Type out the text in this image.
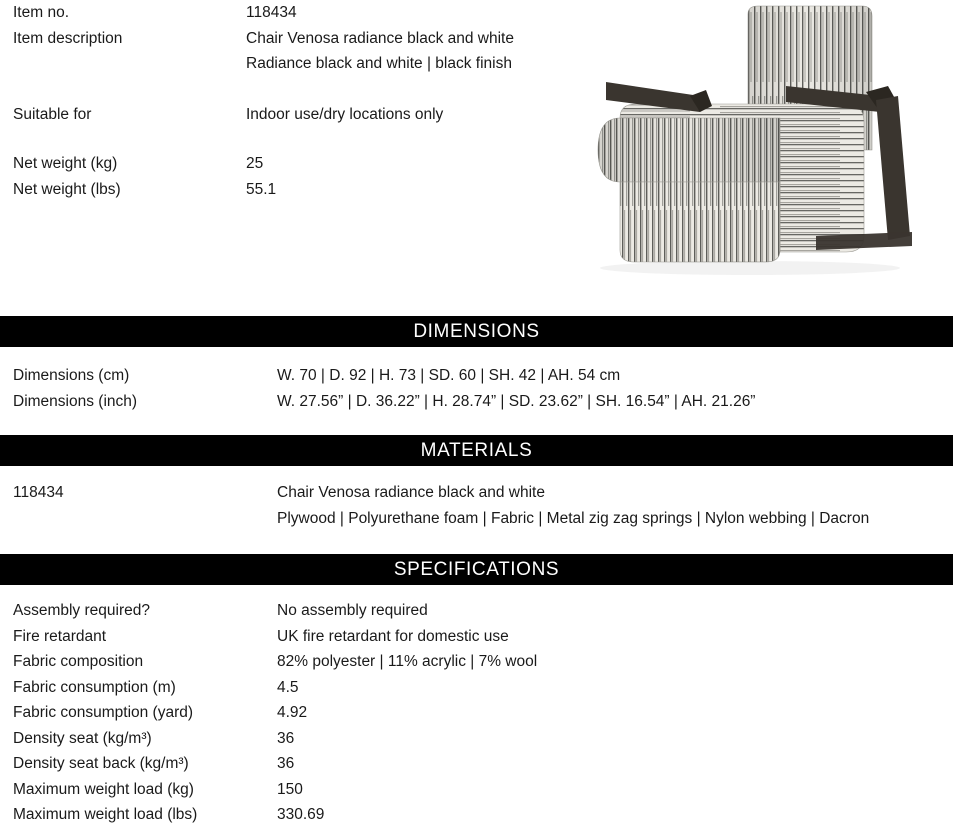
Item no.	118434
Item description	Chair Venosa radiance black and white
Radiance black and white | black finish
Suitable for	Indoor use/dry locations only
Net weight (kg)	25
Net weight (lbs)	55.1
DIMENSIONS
Dimensions (cm)	W. 70 | D. 92 | H. 73 | SD. 60 | SH. 42 | AH. 54 cm
Dimensions (inch)	W. 27.56” | D. 36.22” | H. 28.74” | SD. 23.62” | SH. 16.54” | AH. 21.26”
MATERIALS
118434	Chair Venosa radiance black and white
Plywood | Polyurethane foam | Fabric | Metal zig zag springs | Nylon webbing | Dacron
SPECIFICATIONS
Assembly required?	No assembly required
Fire retardant	UK fire retardant for domestic use
Fabric composition	82% polyester | 11% acrylic | 7% wool
Fabric consumption (m)	4.5
Fabric consumption (yard)	4.92
Density seat (kg/m³)	36
Density seat back (kg/m³)	36
Maximum weight load (kg)	150
Maximum weight load (lbs)	330.69
